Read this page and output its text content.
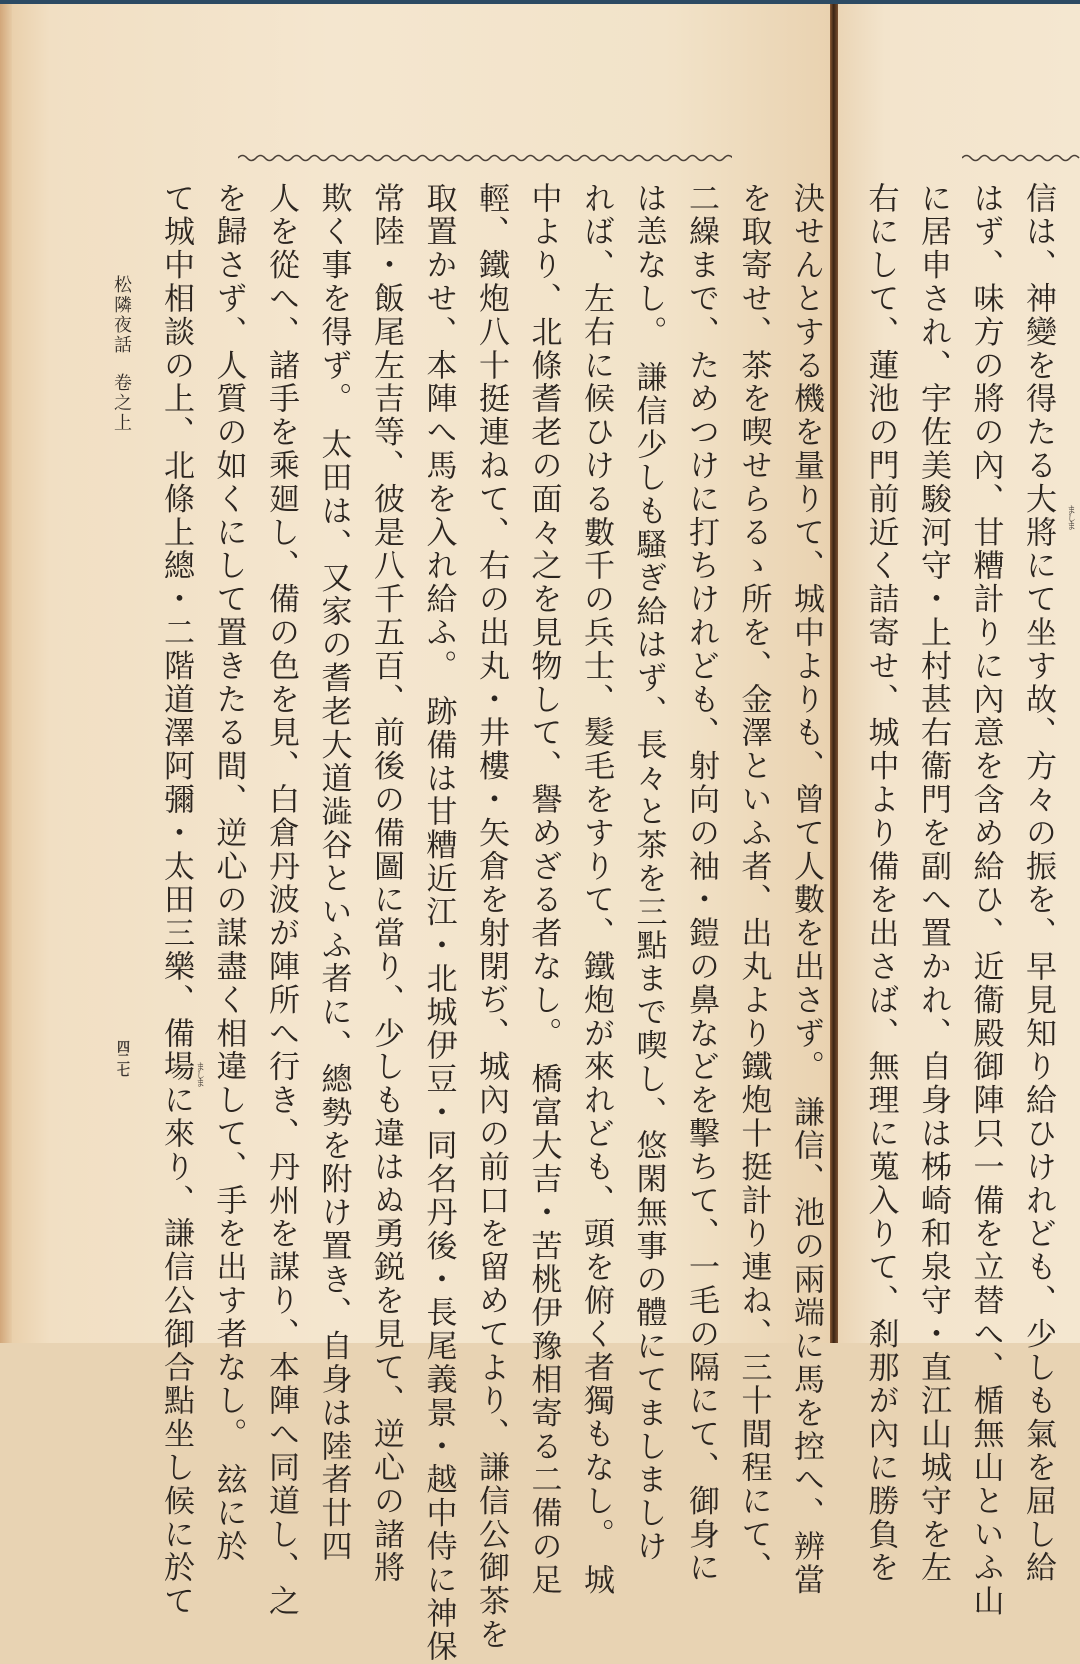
信は、神變を得たる大將にて坐す故、方々の振を、早見知り給ひけれども、少しも氣を屈し給
はず、味方の將の內、甘糟計りに內意を含め給ひ、近衞殿御陣只一備を立替へ、楯無山といふ山
に居申され、宇佐美駿河守・上村甚右衞門を副へ置かれ、自身は柹崎和泉守・直江山城守を左
右にして、蓮池の門前近く詰寄せ、城中より備を出さば、無理に蒐入りて、刹那が內に勝負を	ましま
決せんとする機を量りて、城中よりも、曾て人數を出さず。 謙信、池の兩端に馬を控へ、辨當
を取寄せ、茶を喫せらるゝ所を、金澤といふ者、出丸より鐵炮十挺計り連ね、三十間程にて、
二繰まで、ためつけに打ちけれども、射向の袖・鎧の鼻などを擊ちて、一毛の隔にて、御身に
は恙なし。 謙信少しも騷ぎ給はず、長々と茶を三點まで喫し、悠閑無事の體にてましましけ
れば、左右に候ひける數千の兵士、髮毛をすりて、鐵炮が來れども、頭を俯く者獨もなし。 城
中より、北條耆老の面々之を見物して、譽めざる者なし。 橋富大吉・苦桃伊豫相寄る二備の足
輕、鐵炮八十挺連ねて、右の出丸・井樓・矢倉を射閉ぢ、城內の前口を留めてより、謙信公御茶を
取置かせ、本陣へ馬を入れ給ふ。 跡備は甘糟近江・北城伊豆・同名丹後・長尾義景・越中侍に神保
常陸・飯尾左吉等、彼是八千五百、前後の備圖に當り、少しも違はぬ勇鋭を見て、逆心の諸將
欺く事を得ず。 太田は、又家の耆老大道澁谷といふ者に、總勢を附け置き、自身は陸者廿四
人を從へ、諸手を乘廻し、備の色を見、白倉丹波が陣所へ行き、丹州を謀り、本陣へ同道し、之
を歸さず、人質の如くにして置きたる間、逆心の謀盡く相違して、手を出す者なし。 玆に於
て城中相談の上、北條上總・二階道澤阿彌・太田三樂、備場に來り、謙信公御合點坐し候に於て ましま
松隣夜話卷之上
四二七
